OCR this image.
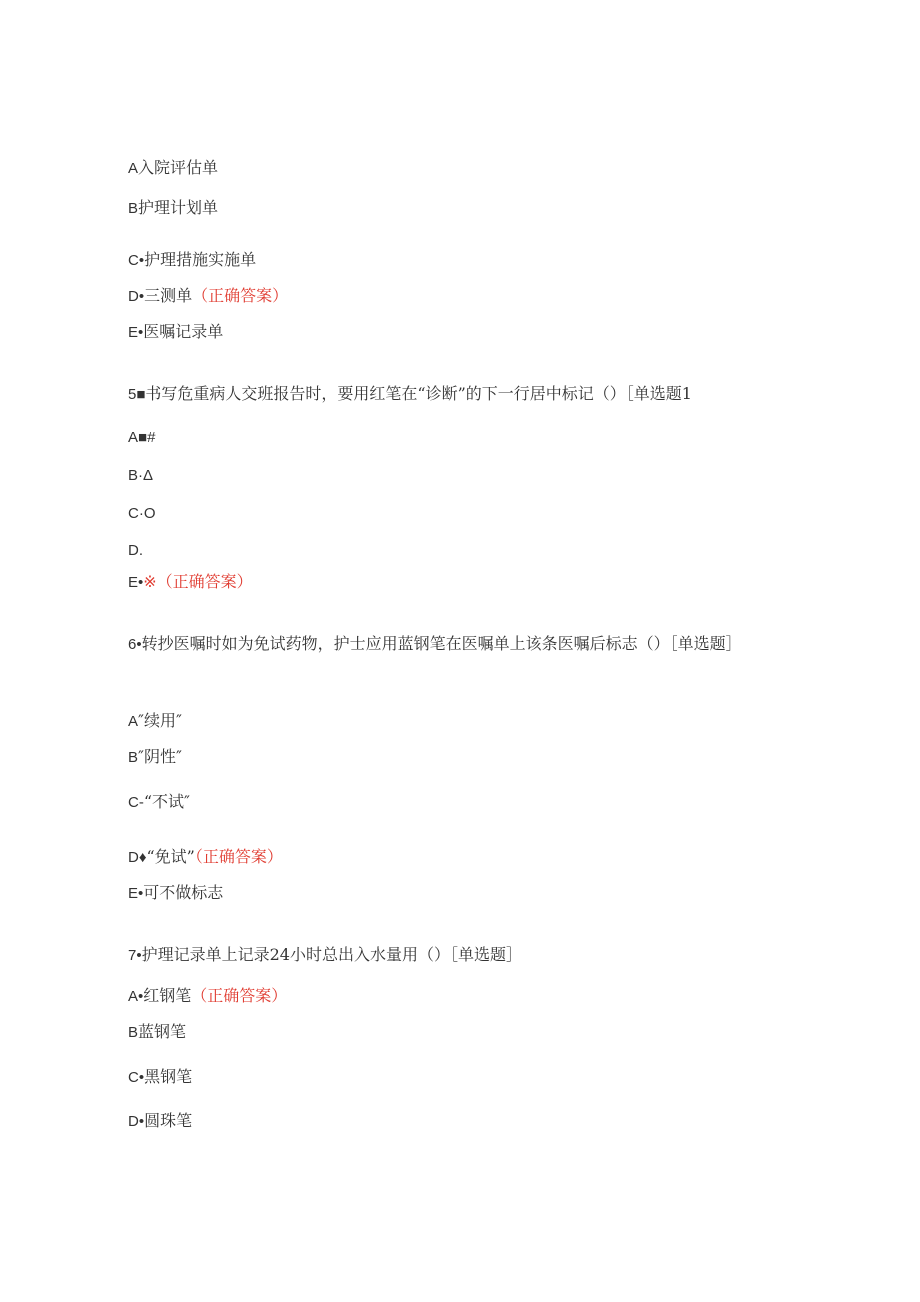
A入院评估单
B护理计划单
C•护理措施实施单
D•三测单（正确答案）
E•医嘱记录单
5■书写危重病人交班报告时，要用红笔在“诊断”的下一行居中标记（）［单选题1
A■#
B·Δ
C·O
D.
E•※（正确答案）
6•转抄医嘱时如为免试药物，护士应用蓝钢笔在医嘱单上该条医嘱后标志（）［单选题］
A″续用″
B″阴性″
C-“不试″
D♦“免试”（正确答案）
E•可不做标志
7•护理记录单上记录24小时总出入水量用（）［单选题］
A•红钢笔（正确答案）
B蓝钢笔
C•黑钢笔
D•圆珠笔
